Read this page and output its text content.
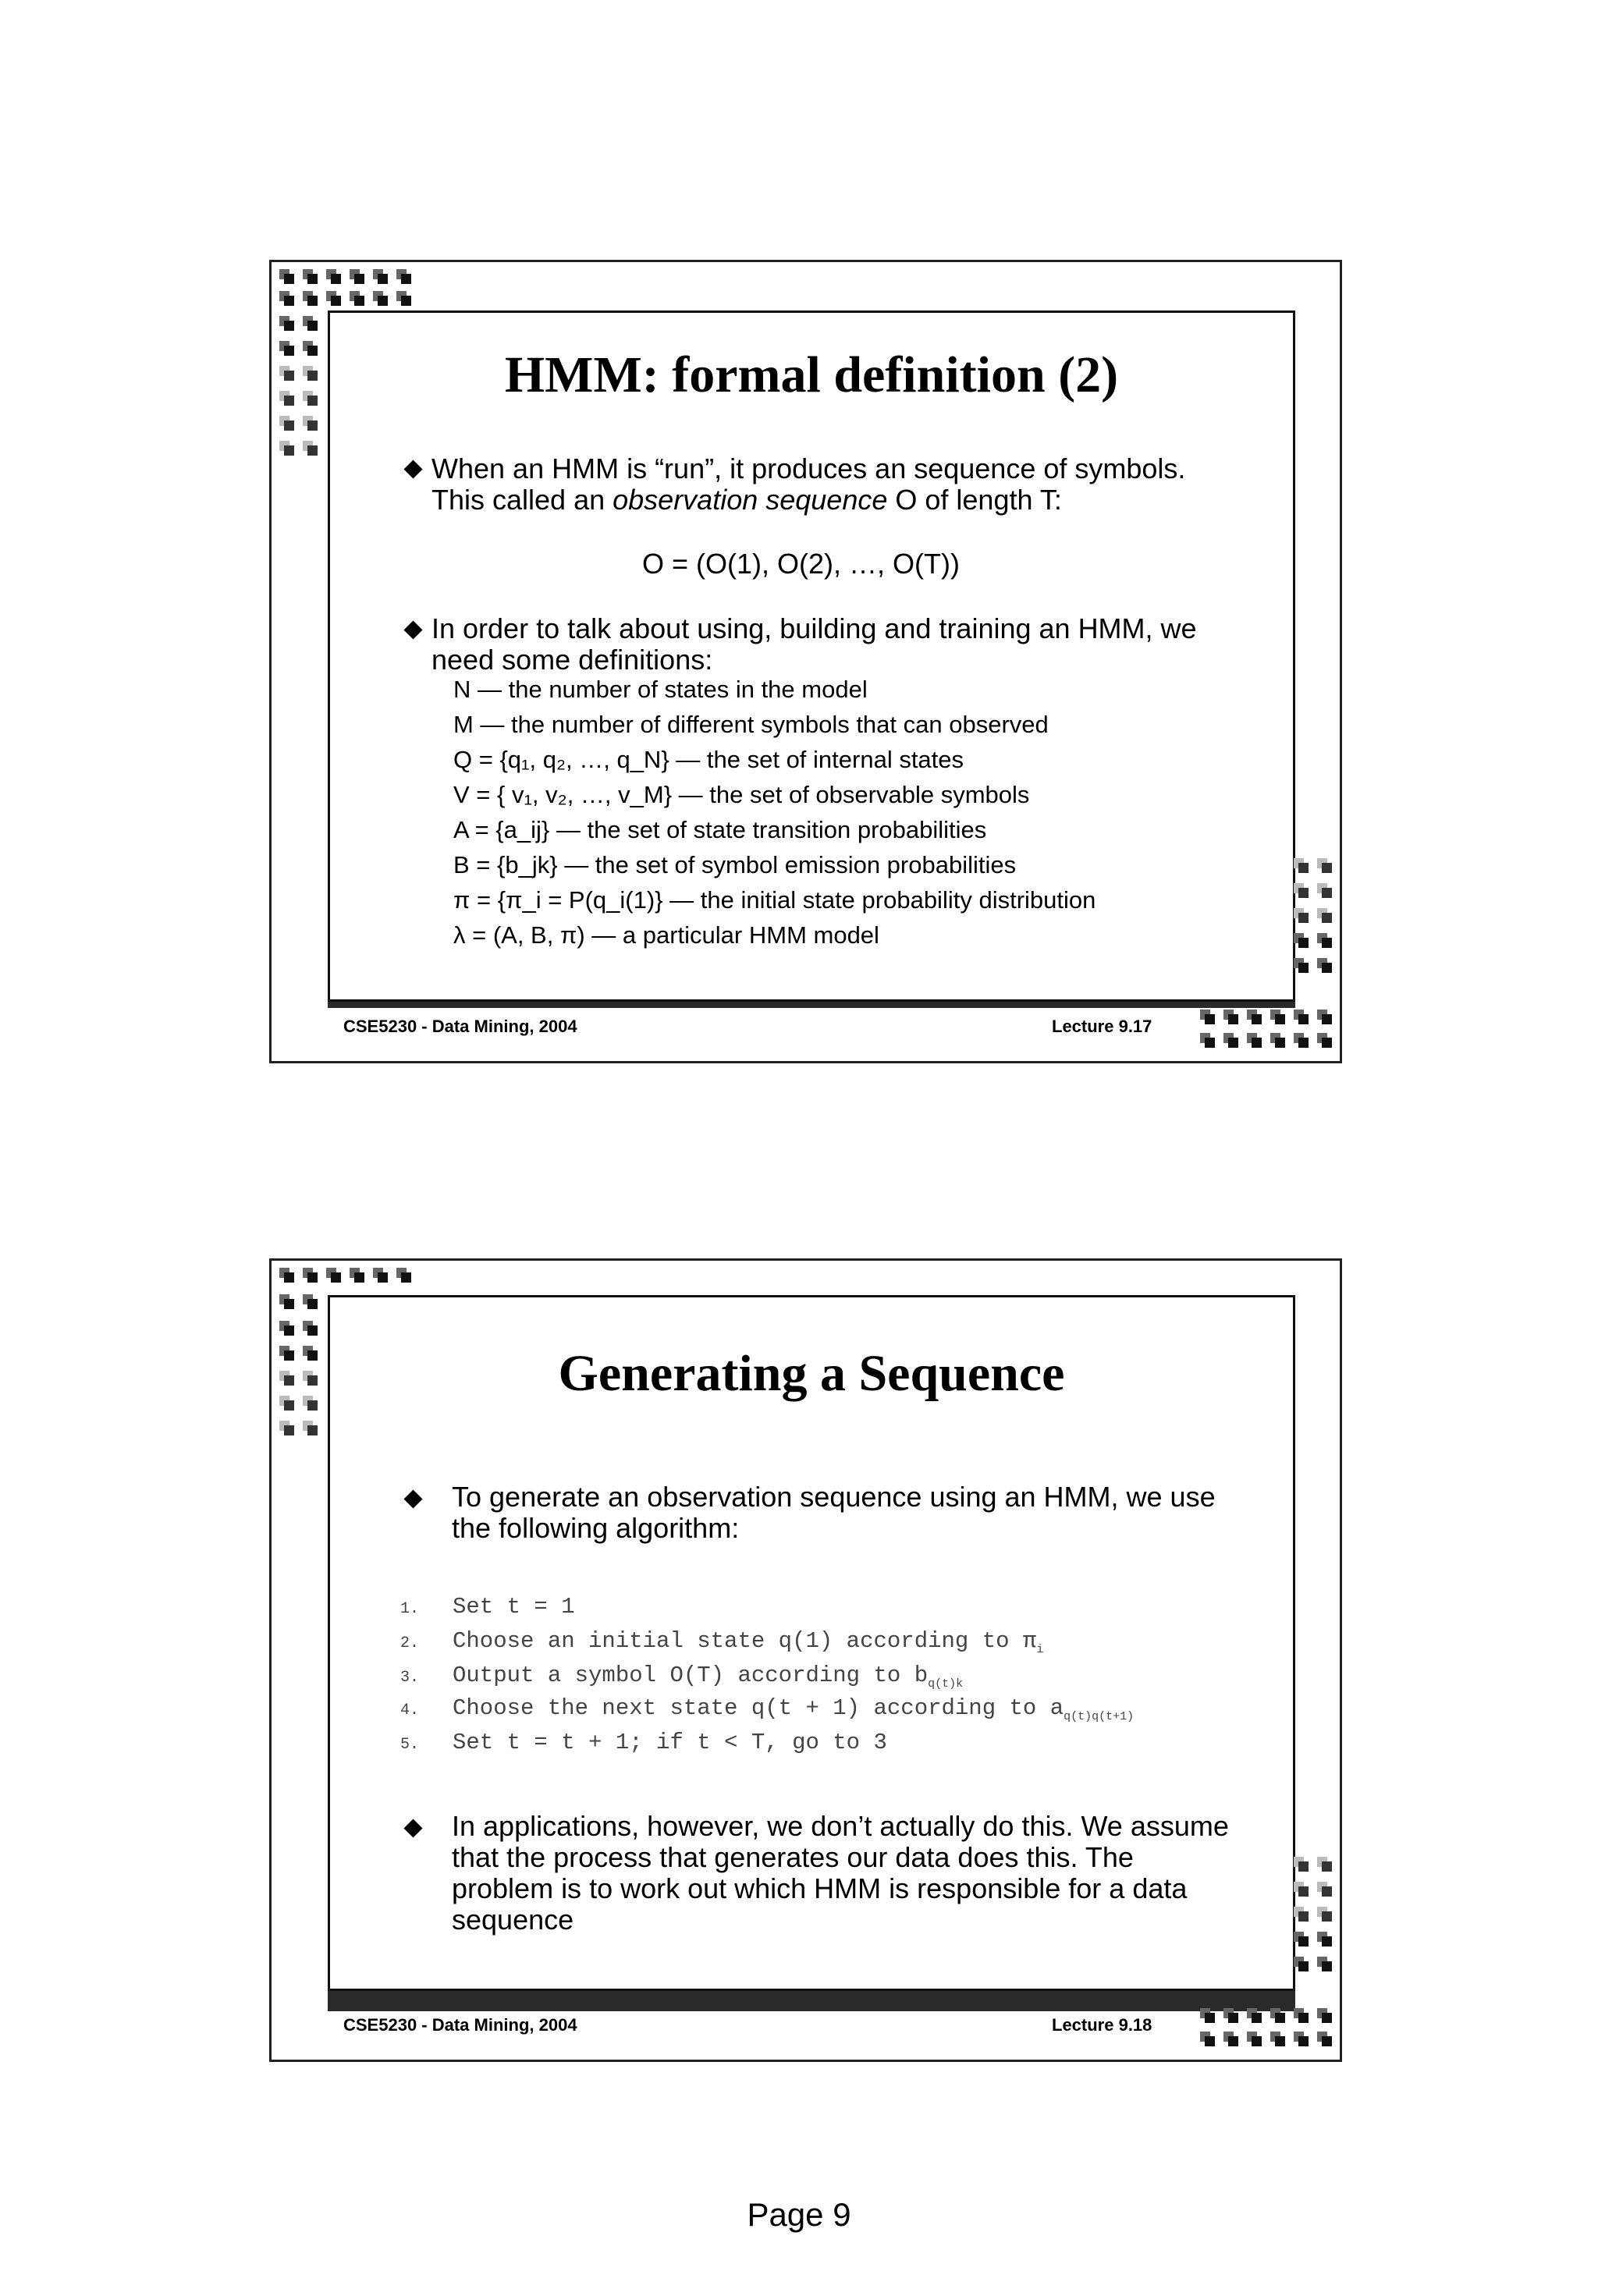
HMM: formal definition (2)
When an HMM is “run”, it produces an sequence of symbols. This called an observation sequence O of length T:
O = (O(1), O(2), …, O(T))
In order to talk about using, building and training an HMM, we need some definitions:
N — the number of states in the model
M — the number of different symbols that can observed
Q = {q₁, q₂, …, q_N} — the set of internal states
V = { v₁, v₂, …, v_M} — the set of observable symbols
A = {a_ij} — the set of state transition probabilities
B = {b_jk} — the set of symbol emission probabilities
π = {π_i = P(q_i(1)} — the initial state probability distribution
λ = (A, B, π) — a particular HMM model
CSE5230 - Data Mining, 2004	Lecture 9.17
Generating a Sequence
To generate an observation sequence using an HMM, we use the following algorithm:
1. Set t = 1
2. Choose an initial state q(1) according to $\pi_i$
3. Output a symbol O(T) according to $b_{q(t)k}$
4. Choose the next state q(t + 1) according to $a_{q(t)q(t+1)}$
5. Set t = t + 1; if t < T, go to 3
In applications, however, we don’t actually do this. We assume that the process that generates our data does this. The problem is to work out which HMM is responsible for a data sequence
CSE5230 - Data Mining, 2004	Lecture 9.18
Page 9
